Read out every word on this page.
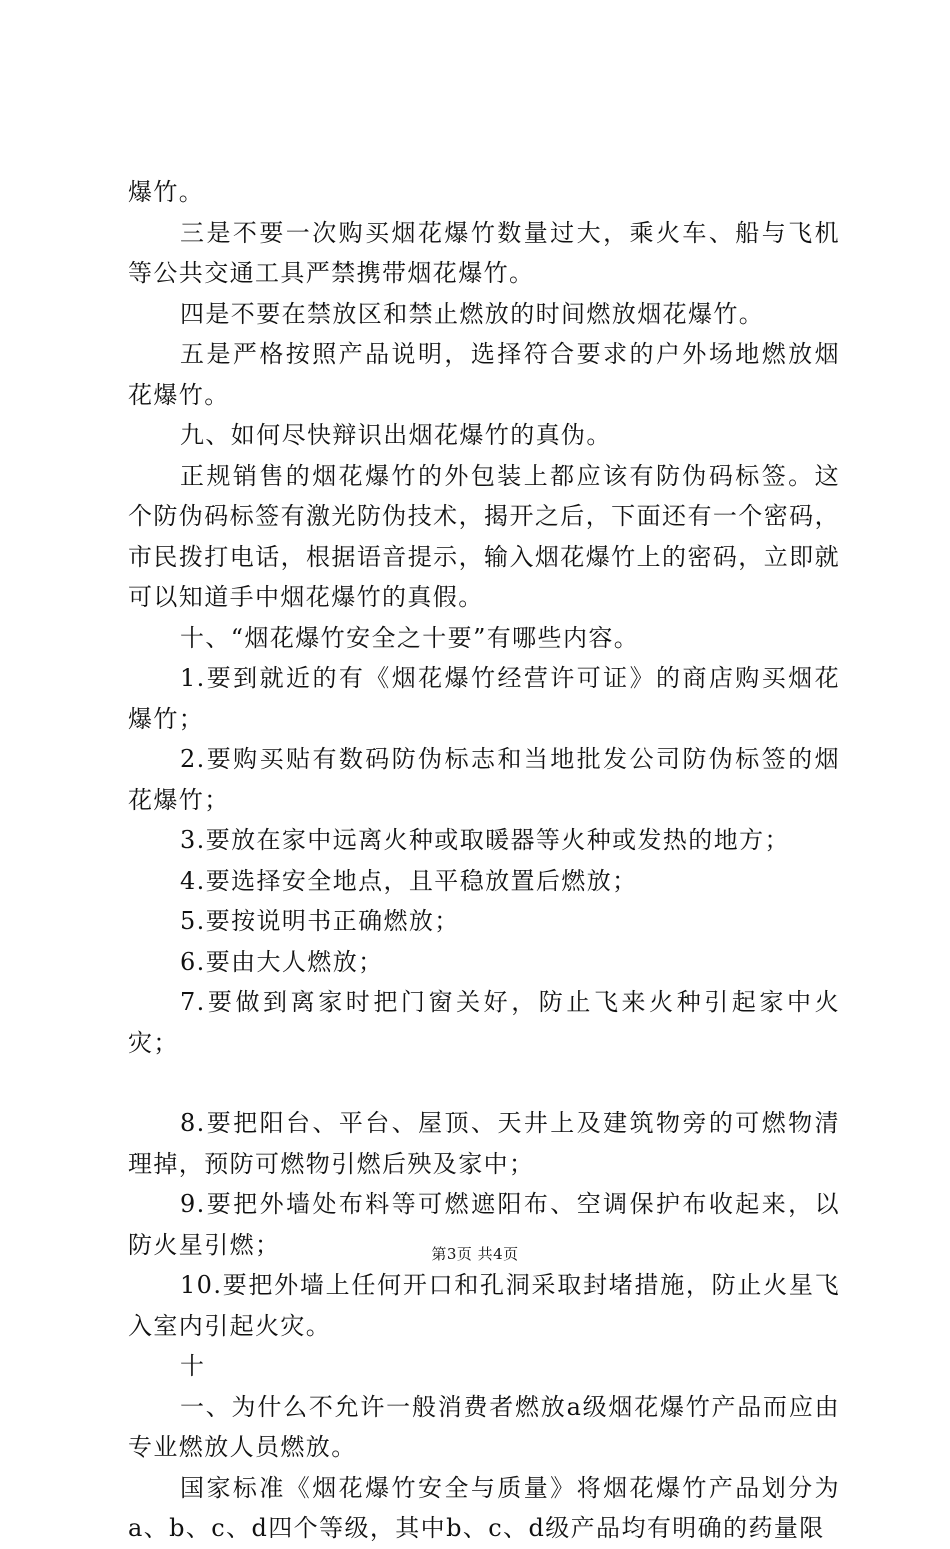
爆竹。

三是不要一次购买烟花爆竹数量过大，乘火车、船与飞机等公共交通工具严禁携带烟花爆竹。

四是不要在禁放区和禁止燃放的时间燃放烟花爆竹。

五是严格按照产品说明，选择符合要求的户外场地燃放烟花爆竹。

九、如何尽快辩识出烟花爆竹的真伪。

正规销售的烟花爆竹的外包装上都应该有防伪码标签。这个防伪码标签有激光防伪技术，揭开之后，下面还有一个密码，市民拨打电话，根据语音提示，输入烟花爆竹上的密码，立即就可以知道手中烟花爆竹的真假。

十、“烟花爆竹安全之十要”有哪些内容。

1.要到就近的有《烟花爆竹经营许可证》的商店购买烟花爆竹；

2.要购买贴有数码防伪标志和当地批发公司防伪标签的烟花爆竹；

3.要放在家中远离火种或取暖器等火种或发热的地方；

4.要选择安全地点，且平稳放置后燃放；

5.要按说明书正确燃放；

6.要由大人燃放；

7.要做到离家时把门窗关好，防止飞来火种引起家中火灾；

8.要把阳台、平台、屋顶、天井上及建筑物旁的可燃物清理掉，预防可燃物引燃后殃及家中；

9.要把外墙处布料等可燃遮阳布、空调保护布收起来，以防火星引燃；

10.要把外墙上任何开口和孔洞采取封堵措施，防止火星飞入室内引起火灾。

十

一、为什么不允许一般消费者燃放a级烟花爆竹产品而应由专业燃放人员燃放。

国家标准《烟花爆竹安全与质量》将烟花爆竹产品划分为a、b、c、d四个等级，其中b、c、d级产品均有明确的药量限

第3页 共4页
